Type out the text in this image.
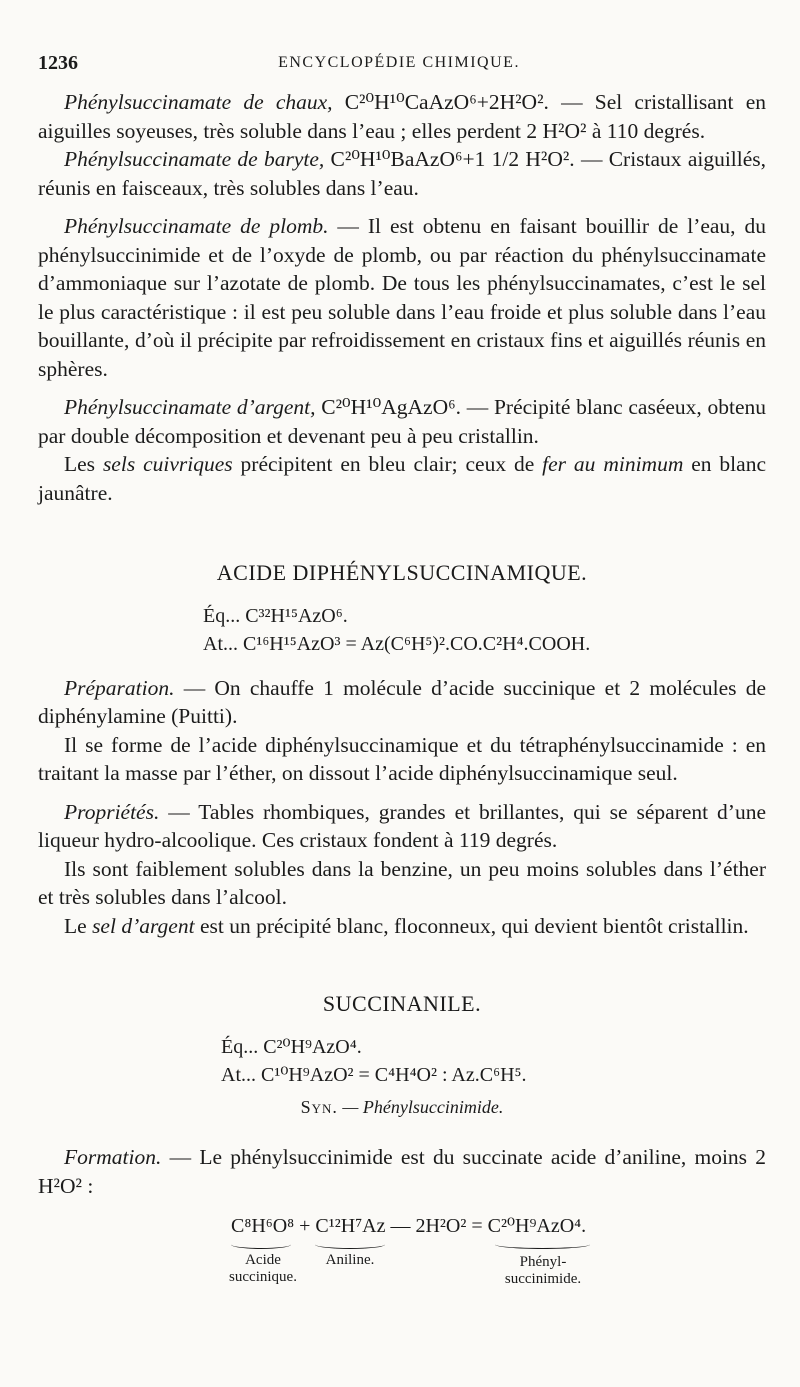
1236	ENCYCLOPÉDIE CHIMIQUE.

Phénylsuccinamate de chaux, C²⁰H¹⁰CaAzO⁶+2H²O². — Sel cristallisant en aiguilles soyeuses, très soluble dans l’eau ; elles perdent 2 H²O² à 110 degrés.

Phénylsuccinamate de baryte, C²⁰H¹⁰BaAzO⁶+1 1/2 H²O². — Cristaux aiguillés, réunis en faisceaux, très solubles dans l’eau.

Phénylsuccinamate de plomb. — Il est obtenu en faisant bouillir de l’eau, du phénylsuccinimide et de l’oxyde de plomb, ou par réaction du phénylsuccinamate d’ammoniaque sur l’azotate de plomb. De tous les phénylsuccinamates, c’est le sel le plus caractéristique : il est peu soluble dans l’eau froide et plus soluble dans l’eau bouillante, d’où il précipite par refroidissement en cristaux fins et aiguillés réunis en sphères.

Phénylsuccinamate d’argent, C²⁰H¹⁰AgAzO⁶. — Précipité blanc caséeux, obtenu par double décomposition et devenant peu à peu cristallin.

Les sels cuivriques précipitent en bleu clair; ceux de fer au minimum en blanc jaunâtre.

ACIDE DIPHÉNYLSUCCINAMIQUE.
Éq... C³²H¹⁵AzO⁶.
At... C¹⁶H¹⁵AzO³ = Az(C⁶H⁵)².CO.C²H⁴.COOH.

Préparation. — On chauffe 1 molécule d’acide succinique et 2 molécules de diphénylamine (Puitti).

Il se forme de l’acide diphénylsuccinamique et du tétraphénylsuccinamide : en traitant la masse par l’éther, on dissout l’acide diphénylsuccinamique seul.

Propriétés. — Tables rhombiques, grandes et brillantes, qui se séparent d’une liqueur hydro-alcoolique. Ces cristaux fondent à 119 degrés.

Ils sont faiblement solubles dans la benzine, un peu moins solubles dans l’éther et très solubles dans l’alcool.

Le sel d’argent est un précipité blanc, floconneux, qui devient bientôt cristallin.

SUCCINANILE.
Éq... C²⁰H⁹AzO⁴.
At... C¹⁰H⁹AzO² = C⁴H⁴O² : Az.C⁶H⁵.
Syn. — Phénylsuccinimide.

Formation. — Le phénylsuccinimide est du succinate acide d’aniline, moins 2 H²O² :

C⁸H⁶O⁸ + C¹²H⁷Az — 2H²O² = C²⁰H⁹AzO⁴.
Acide succinique.
Aniline.	Phényl- succinimide.
